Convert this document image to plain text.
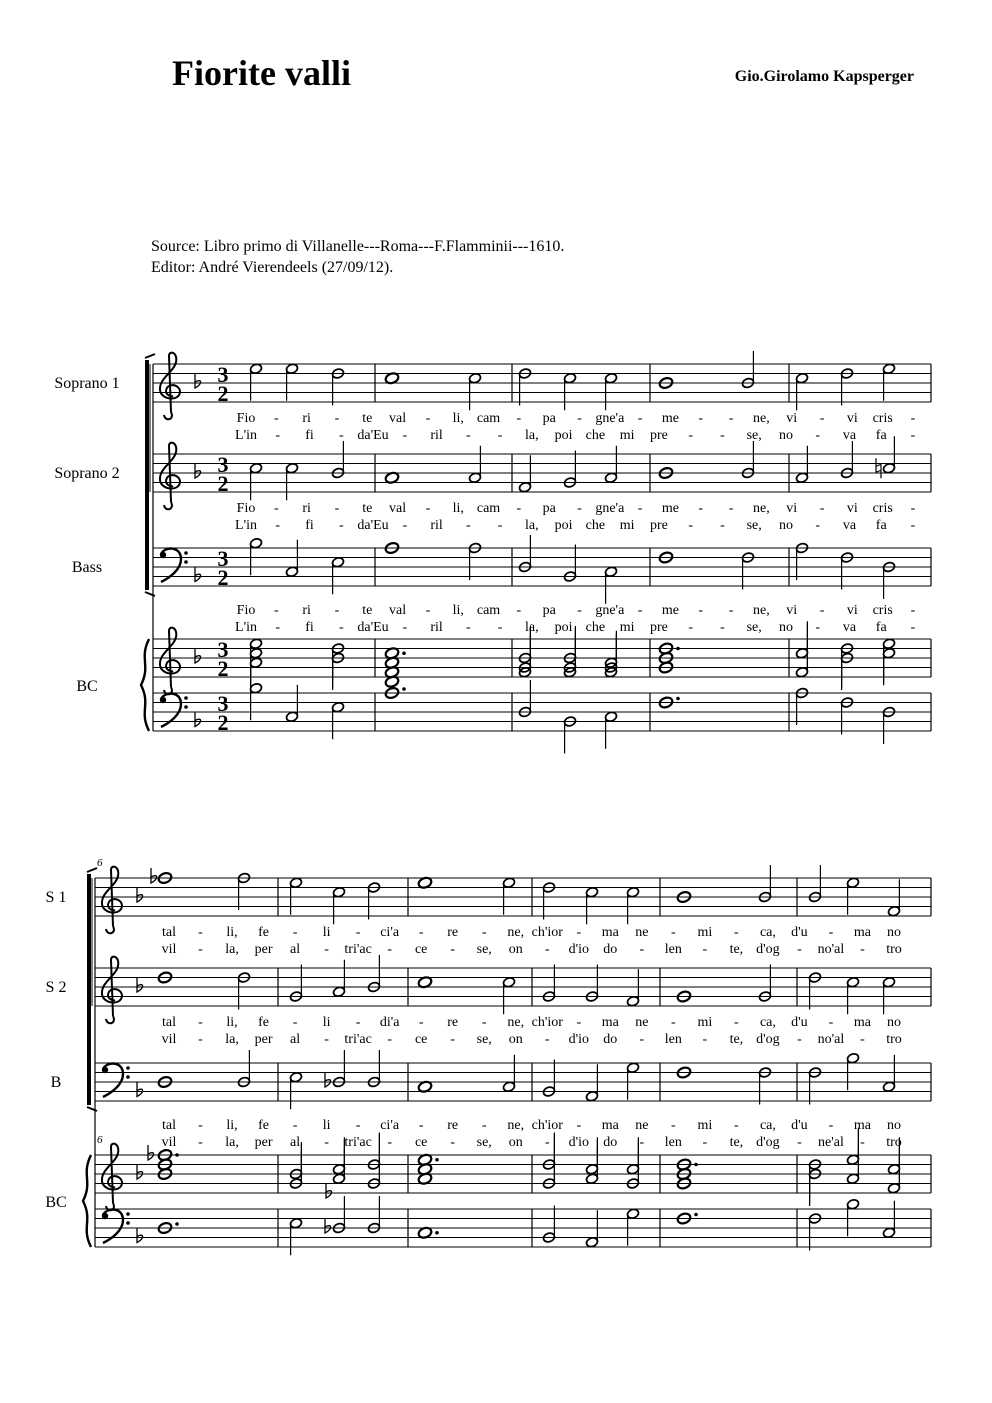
Fiorite valli	Gio.Girolamo Kapsperger
Source: Libro primo di Villanelle---Roma---F.Flamminii---1610.
Editor: André Vierendeels (27/09/12).
Soprano 1
Soprano 2
Bass
BC
3
2
3
2
3
2
3
2
3
2
Fio - ri - te val - li, cam - pa - gne'a - me - - ne, vi - vi cris -
L'in - fi - da'Eu - ril - - la, poi che mi pre - - se, no - va fa -
Fio - ri - te val - li, cam - pa - gne'a - me - - ne, vi - vi cris -
L'in - fi - da'Eu - ril - - la, poi che mi pre - - se, no - va fa -
Fio - ri - te val - li, cam - pa - gne'a - me - - ne, vi - vi cris -
L'in - fi - da'Eu - ril - - la, poi che mi pre - - se, no - va fa -
S 1
S 2
B
BC
6
6
tal - li, fe - li - ci'a - re - ne, ch'ior - ma ne - mi - ca, d'u - ma no
vil - la, per al - tri'ac - ce - se, on - d'io do - len - te, d'og - no'al - tro
tal - li, fe - li - di'a - re - ne, ch'ior - ma ne - mi - ca, d'u - ma no
vil - la, per al - tri'ac - ce - se, on - d'io do - len - te, d'og - no'al - tro
tal - li, fe - li - ci'a - re - ne, ch'ior - ma ne - mi - ca, d'u - ma no
vil - la, per al - tri'ac - ce - se, on - d'io do - len - te, d'og - ne'al - tro
